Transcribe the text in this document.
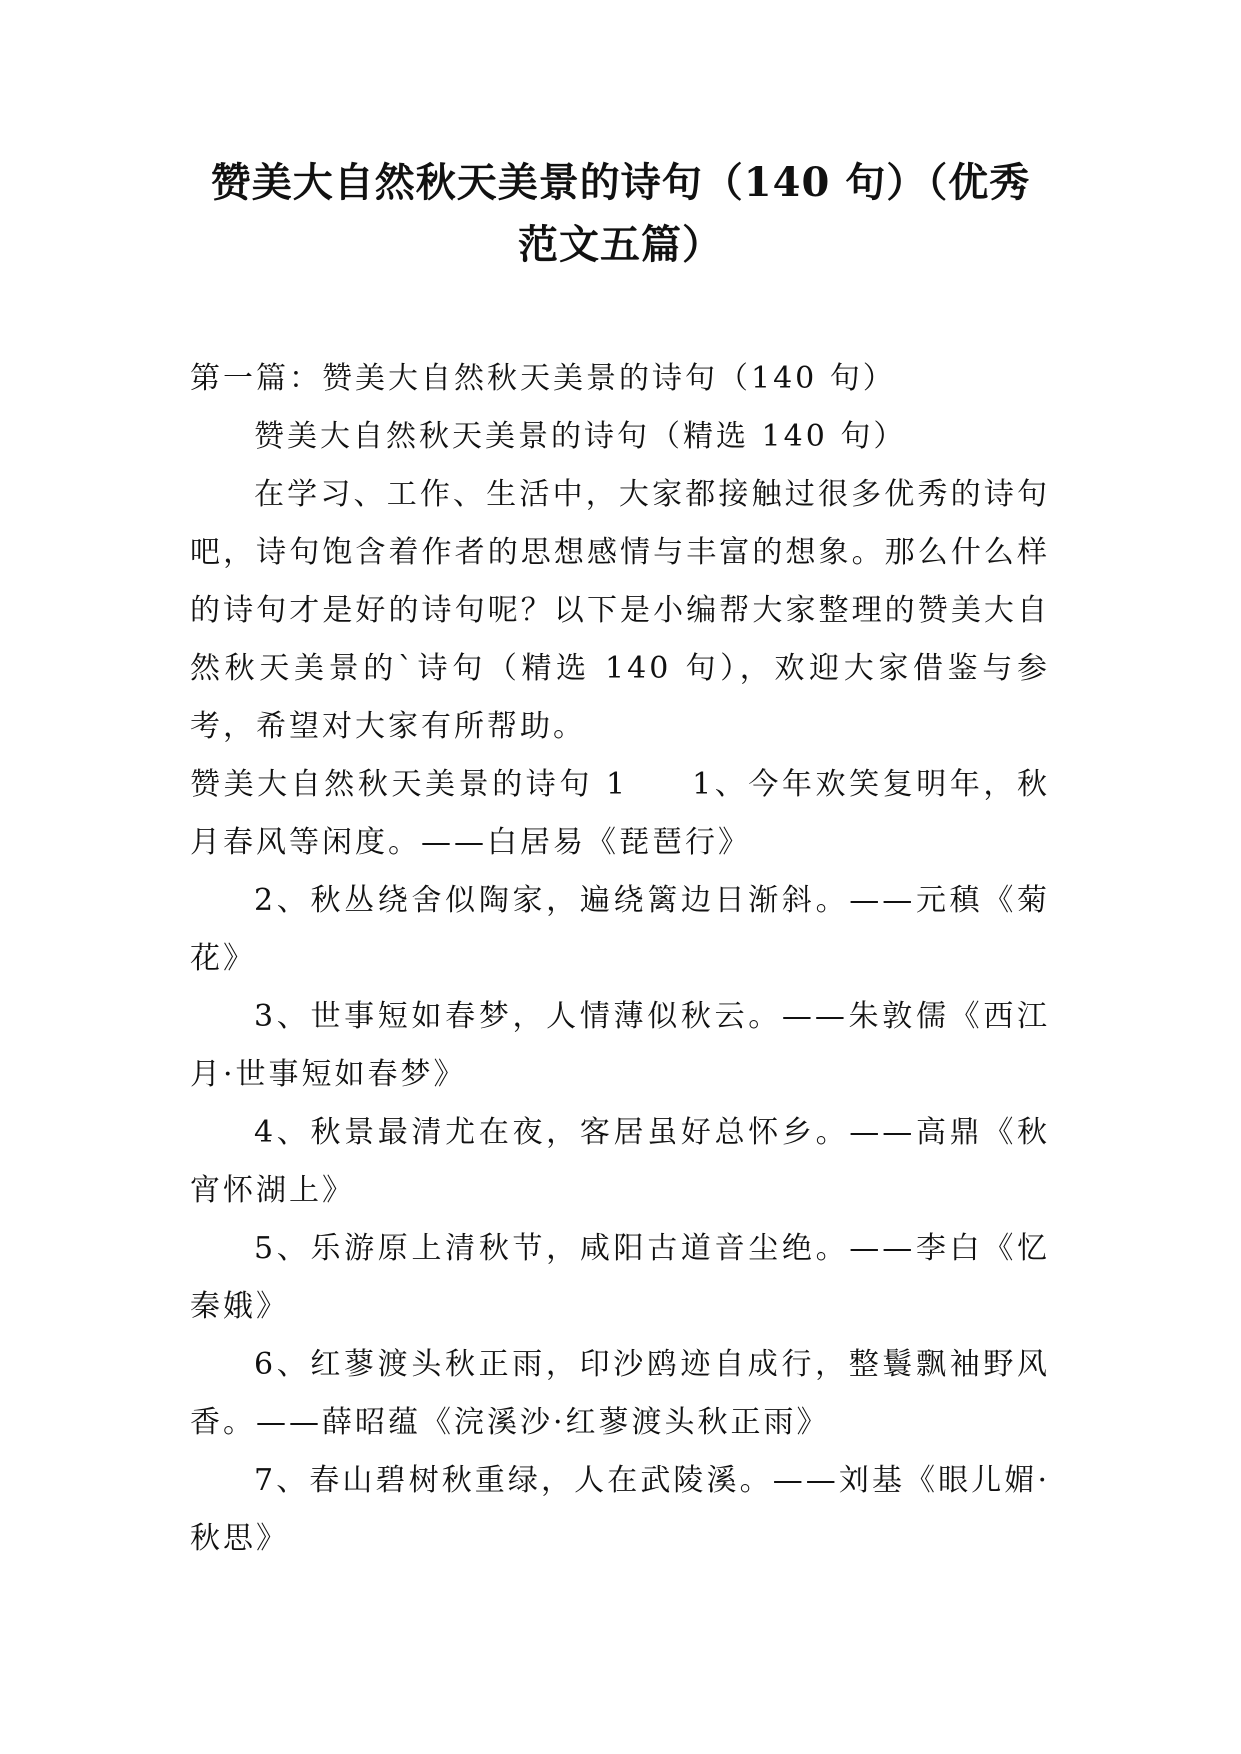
赞美大自然秋天美景的诗句（140 句）（优秀
范文五篇）

第一篇：赞美大自然秋天美景的诗句（140 句）

赞美大自然秋天美景的诗句（精选 140 句）

在学习、工作、生活中，大家都接触过很多优秀的诗句吧，诗句饱含着作者的思想感情与丰富的想象。那么什么样的诗句才是好的诗句呢？以下是小编帮大家整理的赞美大自然秋天美景的`诗句（精选 140 句），欢迎大家借鉴与参考，希望对大家有所帮助。

赞美大自然秋天美景的诗句 1 1、今年欢笑复明年，秋月春风等闲度。——白居易《琵琶行》

2、秋丛绕舍似陶家，遍绕篱边日渐斜。——元稹《菊花》

3、世事短如春梦，人情薄似秋云。——朱敦儒《西江月·世事短如春梦》

4、秋景最清尤在夜，客居虽好总怀乡。——高鼎《秋宵怀湖上》

5、乐游原上清秋节，咸阳古道音尘绝。——李白《忆秦娥》

6、红蓼渡头秋正雨，印沙鸥迹自成行，整鬟飘袖野风香。——薛昭蕴《浣溪沙·红蓼渡头秋正雨》

7、春山碧树秋重绿，人在武陵溪。——刘基《眼儿媚·秋思》
